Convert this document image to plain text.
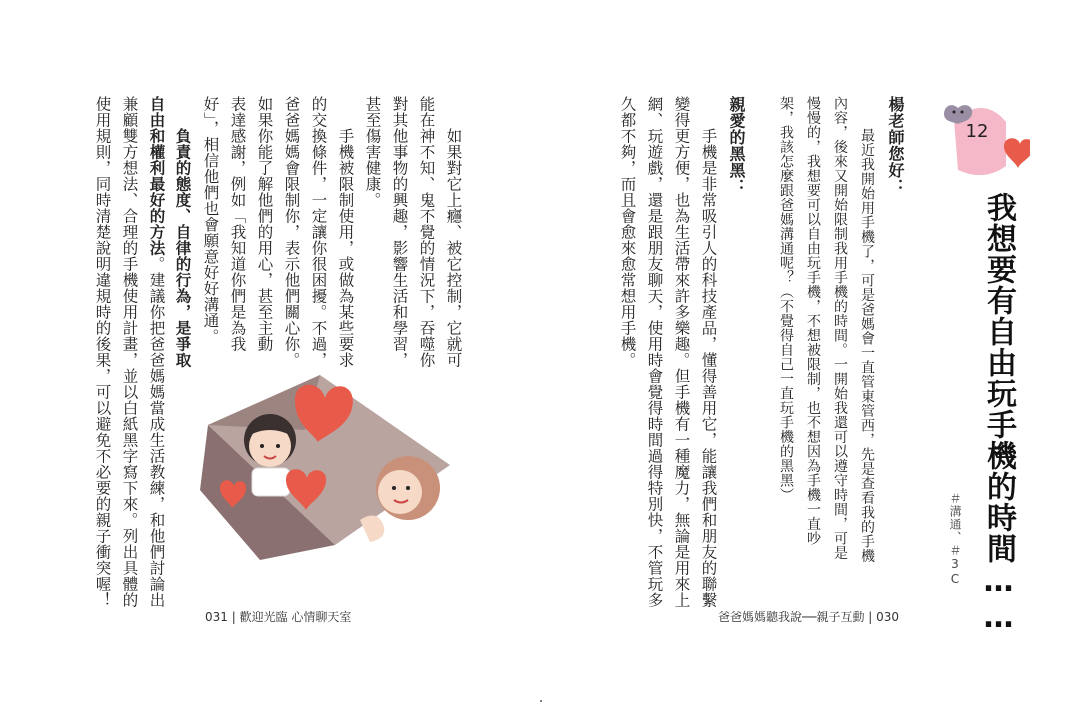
如果對它上癮、被它控制，它就可
能在神不知、鬼不覺的情況下，吞噬你
對其他事物的興趣，影響生活和學習，
甚至傷害健康。
手機被限制使用，或做為某些要求
的交換條件，一定讓你很困擾。不過，
爸爸媽媽會限制你，表示他們關心你。
如果你能了解他們的用心，甚至主動
表達感謝，例如「我知道你們是為我
好」，相信他們也會願意好好溝通。
負責的態度、自律的行為，是爭取
自由和權利最好的方法。建議你把爸爸媽媽當成生活教練，和他們討論出
兼顧雙方想法、合理的手機使用計畫，並以白紙黑字寫下來。列出具體的
使用規則，同時清楚說明違規時的後果，可以避免不必要的親子衝突喔！
031 | 歡迎光臨 心情聊天室
12
我想要有自由玩手機的時間……
＃溝通、＃3C
楊老師您好：
最近我開始用手機了，可是爸媽會一直管東管西，先是查看我的手機
內容，後來又開始限制我用手機的時間。一開始我還可以遵守時間，可是
慢慢的，我想要可以自由玩手機，不想被限制，也不想因為手機一直吵
架，我該怎麼跟爸媽溝通呢？（不覺得自己一直玩手機的黑黑）
親愛的黑黑：
手機是非常吸引人的科技產品，懂得善用它，能讓我們和朋友的聯繫
變得更方便，也為生活帶來許多樂趣。但手機有一種魔力，無論是用來上
網、玩遊戲，還是跟朋友聊天，使用時會覺得時間過得特別快，不管玩多
久都不夠，而且會愈來愈常想用手機。
爸爸媽媽聽我說──親子互動 | 030
